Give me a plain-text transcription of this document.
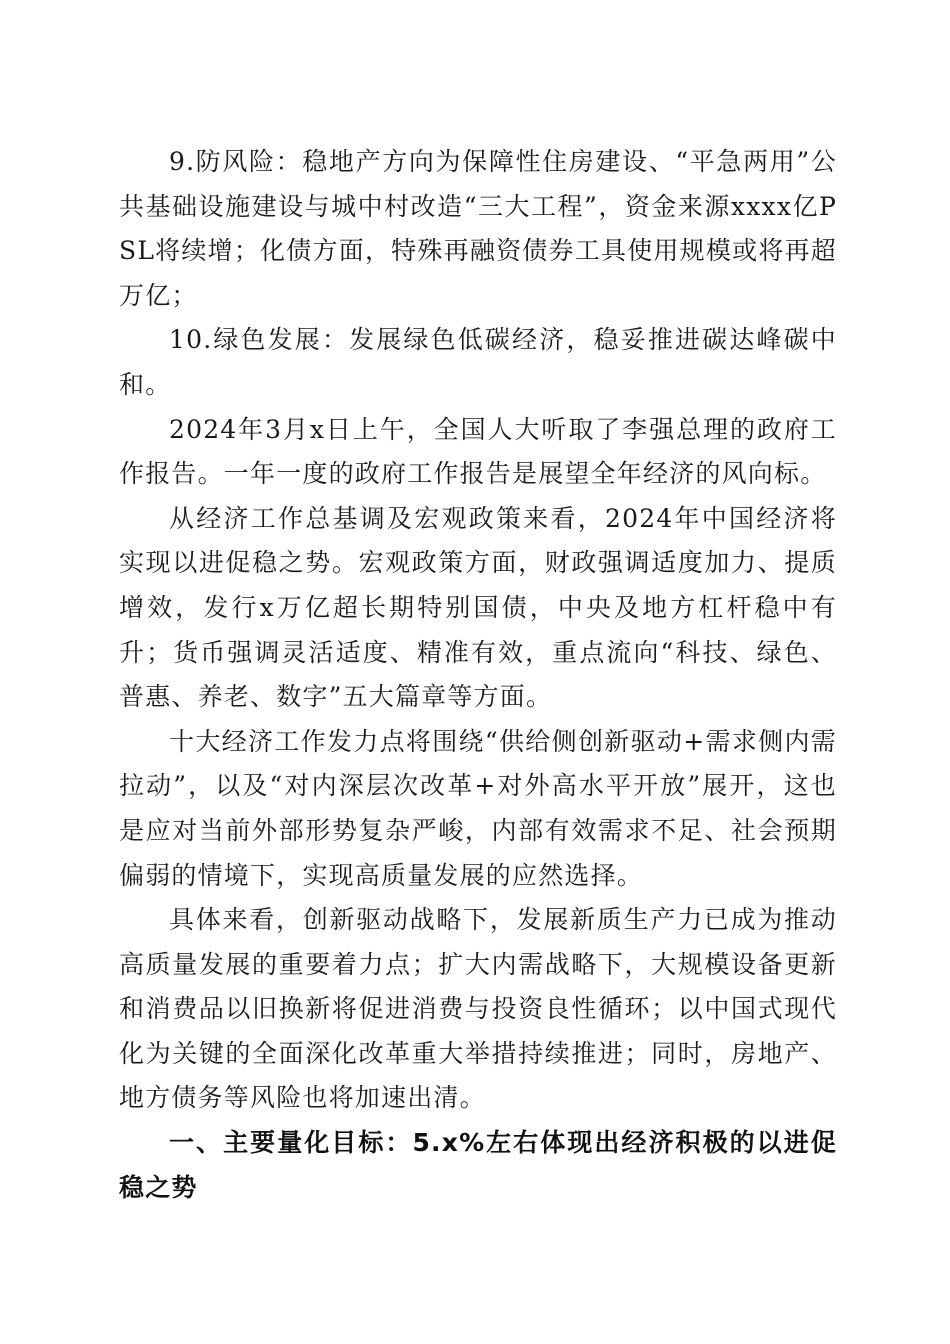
9.防风险：稳地产方向为保障性住房建设、“平急两用”公共基础设施建设与城中村改造“三大工程”，资金来源xxxx亿PSL将续增；化债方面，特殊再融资债券工具使用规模或将再超万亿；

10.绿色发展：发展绿色低碳经济，稳妥推进碳达峰碳中和。

2024年3月x日上午，全国人大听取了李强总理的政府工作报告。一年一度的政府工作报告是展望全年经济的风向标。

从经济工作总基调及宏观政策来看，2024年中国经济将实现以进促稳之势。宏观政策方面，财政强调适度加力、提质增效，发行x万亿超长期特别国债，中央及地方杠杆稳中有升；货币强调灵活适度、精准有效，重点流向“科技、绿色、普惠、养老、数字”五大篇章等方面。

十大经济工作发力点将围绕“供给侧创新驱动+需求侧内需拉动”，以及“对内深层次改革+对外高水平开放”展开，这也是应对当前外部形势复杂严峻，内部有效需求不足、社会预期偏弱的情境下，实现高质量发展的应然选择。

具体来看，创新驱动战略下，发展新质生产力已成为推动高质量发展的重要着力点；扩大内需战略下，大规模设备更新和消费品以旧换新将促进消费与投资良性循环；以中国式现代化为关键的全面深化改革重大举措持续推进；同时，房地产、地方债务等风险也将加速出清。

一、主要量化目标：5.x%左右体现出经济积极的以进促稳之势
